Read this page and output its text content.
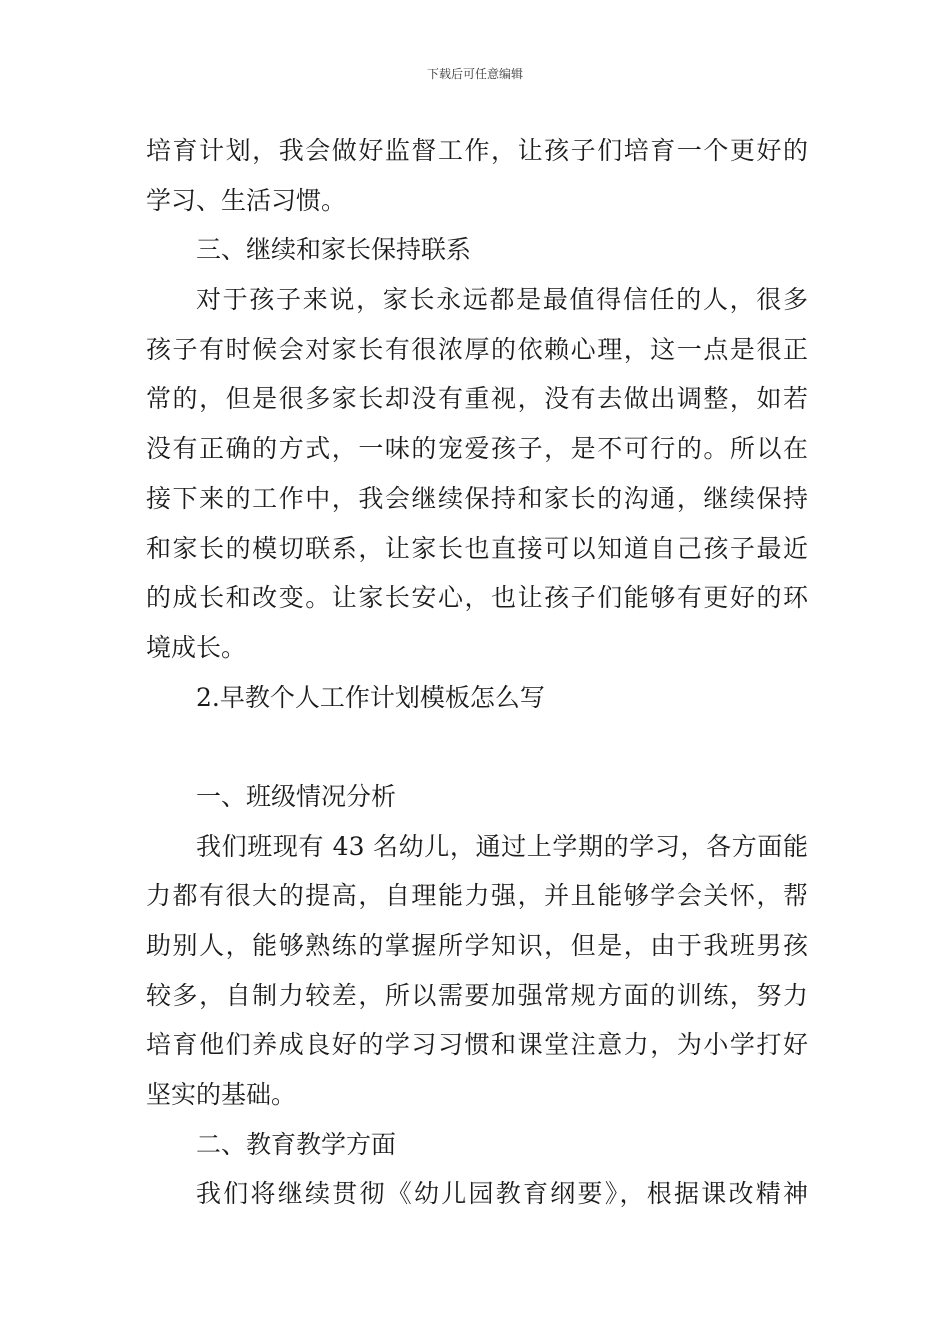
下载后可任意编辑
培育计划，我会做好监督工作，让孩子们培育一个更好的
学习、生活习惯。
三、继续和家长保持联系
对于孩子来说，家长永远都是最值得信任的人，很多
孩子有时候会对家长有很浓厚的依赖心理，这一点是很正
常的，但是很多家长却没有重视，没有去做出调整，如若
没有正确的方式，一味的宠爱孩子，是不可行的。所以在
接下来的工作中，我会继续保持和家长的沟通，继续保持
和家长的模切联系，让家长也直接可以知道自己孩子最近
的成长和改变。让家长安心，也让孩子们能够有更好的环
境成长。
2.早教个人工作计划模板怎么写
一、班级情况分析
我们班现有 43 名幼儿，通过上学期的学习，各方面能
力都有很大的提高，自理能力强，并且能够学会关怀，帮
助别人，能够熟练的掌握所学知识，但是，由于我班男孩
较多，自制力较差，所以需要加强常规方面的训练，努力
培育他们养成良好的学习习惯和课堂注意力，为小学打好
坚实的基础。
二、教育教学方面
我们将继续贯彻《幼儿园教育纲要》，根据课改精神
